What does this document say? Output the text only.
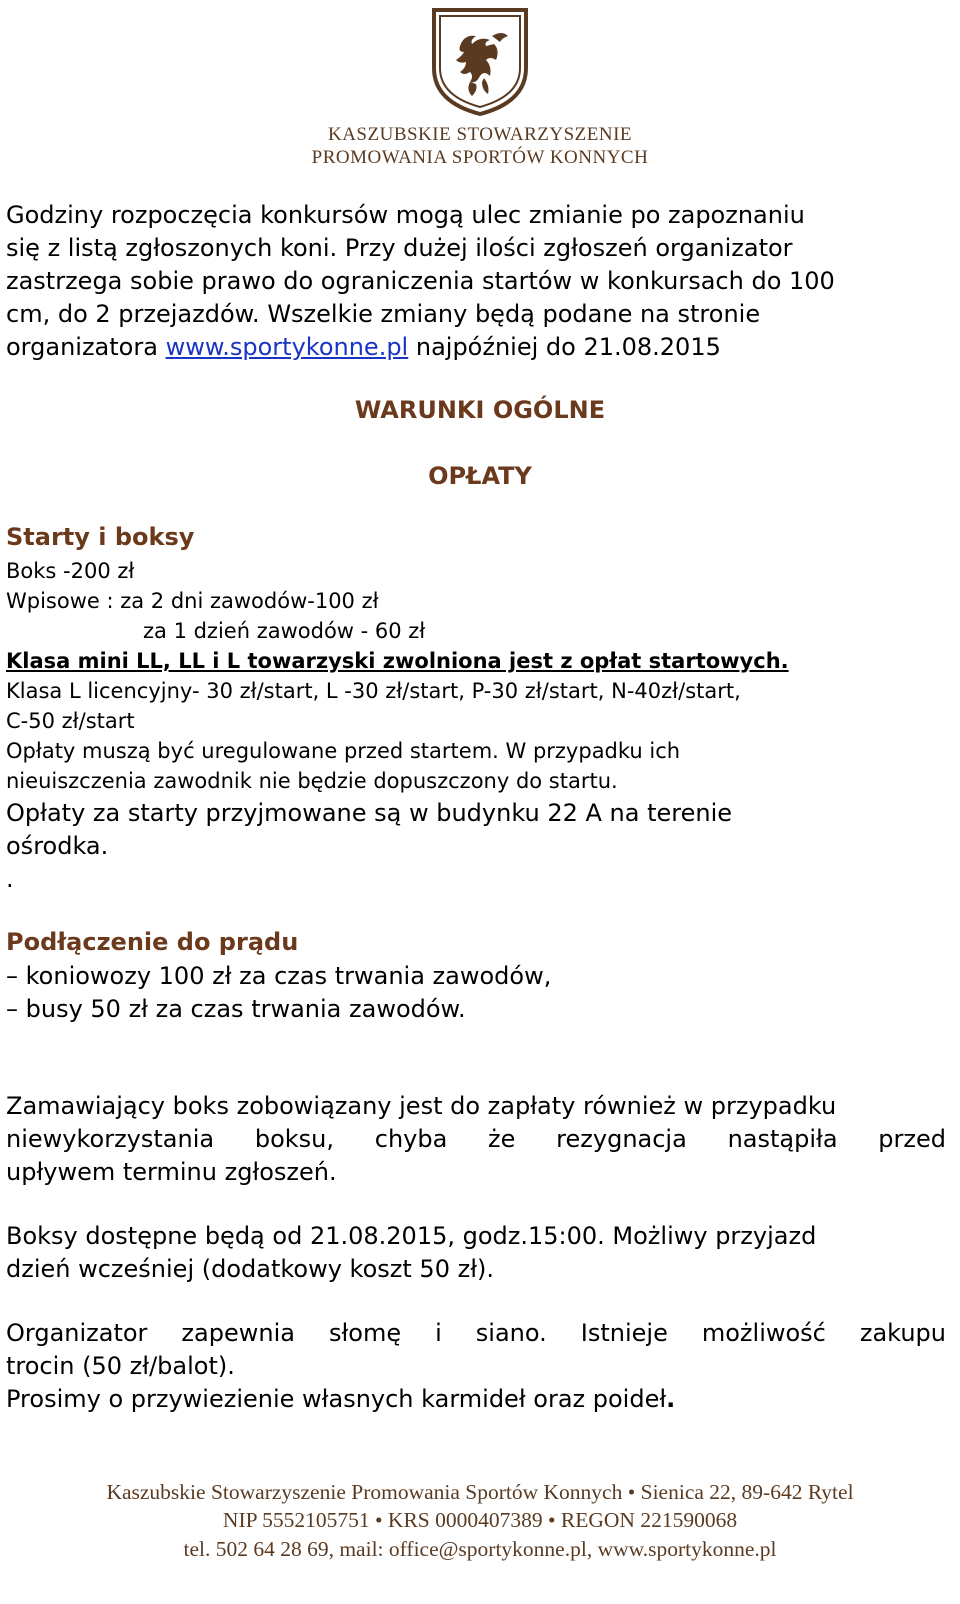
KASZUBSKIE STOWARZYSZENIE
PROMOWANIA SPORTÓW KONNYCH
Godziny rozpoczęcia konkursów mogą ulec zmianie po zapoznaniu
się z listą zgłoszonych koni. Przy dużej ilości zgłoszeń organizator
zastrzega sobie prawo do ograniczenia startów w konkursach do 100
cm, do 2 przejazdów. Wszelkie zmiany będą podane na stronie
organizatora www.sportykonne.pl najpóźniej do 21.08.2015
WARUNKI OGÓLNE
OPŁATY
Starty i boksy
Boks -200 zł
Wpisowe : za 2 dni zawodów-100 zł
za 1 dzień zawodów - 60 zł
Klasa mini LL, LL i L towarzyski zwolniona jest z opłat startowych.
Klasa L licencyjny- 30 zł/start, L -30 zł/start, P-30 zł/start, N-40zł/start,
C-50 zł/start
Opłaty muszą być uregulowane przed startem. W przypadku ich
nieuiszczenia zawodnik nie będzie dopuszczony do startu.
Opłaty za starty przyjmowane są w budynku 22 A na terenie
ośrodka.
.
Podłączenie do prądu
– koniowozy 100 zł za czas trwania zawodów,
– busy 50 zł za czas trwania zawodów.
Zamawiający boks zobowiązany jest do zapłaty również w przypadku
niewykorzystania boksu, chyba że rezygnacja nastąpiła przed
upływem terminu zgłoszeń.
Boksy dostępne będą od 21.08.2015, godz.15:00. Możliwy przyjazd
dzień wcześniej (dodatkowy koszt 50 zł).
Organizator zapewnia słomę i siano. Istnieje możliwość zakupu
trocin (50 zł/balot).
Prosimy o przywiezienie własnych karmideł oraz poideł.
Kaszubskie Stowarzyszenie Promowania Sportów Konnych • Sienica 22, 89-642 Rytel
NIP 5552105751 • KRS 0000407389 • REGON 221590068
tel. 502 64 28 69, mail: office@sportykonne.pl, www.sportykonne.pl
